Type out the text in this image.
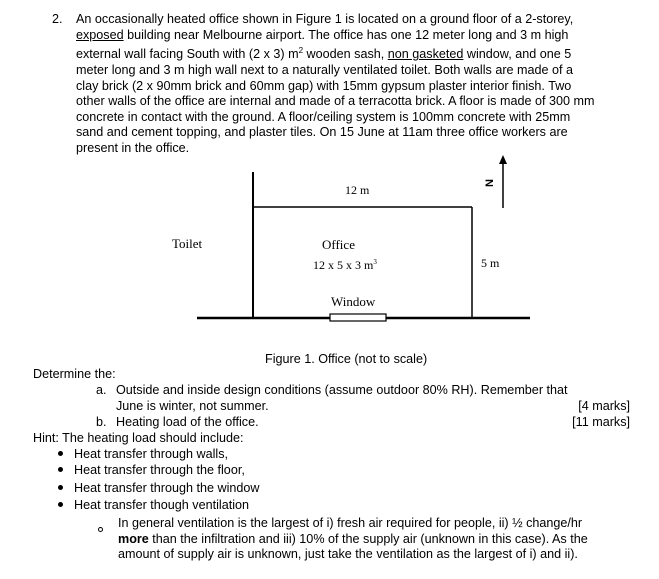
2. An occasionally heated office shown in Figure 1 is located on a ground floor of a 2-storey,
exposed building near Melbourne airport. The office has one 12 meter long and 3 m high
external wall facing South with (2 x 3) $m^2$ wooden sash, non gasketed window, and one 5
meter long and 3 m high wall next to a naturally ventilated toilet. Both walls are made of a
clay brick (2 x 90mm brick and 60mm gap) with 15mm gypsum plaster interior finish. Two
other walls of the office are internal and made of a terracotta brick. A floor is made of 300 mm
concrete in contact with the ground. A floor/ceiling system is 100mm concrete with 25mm
sand and cement topping, and plaster tiles. On 15 June at 11am three office workers are
present in the office.
12 m
Toilet	Office
12 x 5 x 3 $m^3$	5 m
Window
N
Figure 1. Office (not to scale)
Determine the:
a. Outside and inside design conditions (assume outdoor 80% RH). Remember that
June is winter, not summer.	[4 marks]
b. Heating load of the office.	[11 marks]
Hint: The heating load should include:
Heat transfer through walls,
Heat transfer through the floor,
Heat transfer through the window
Heat transfer though ventilation
In general ventilation is the largest of i) fresh air required for people, ii) ½ change/hr
more than the infiltration and iii) 10% of the supply air (unknown in this case). As the
amount of supply air is unknown, just take the ventilation as the largest of i) and ii).
